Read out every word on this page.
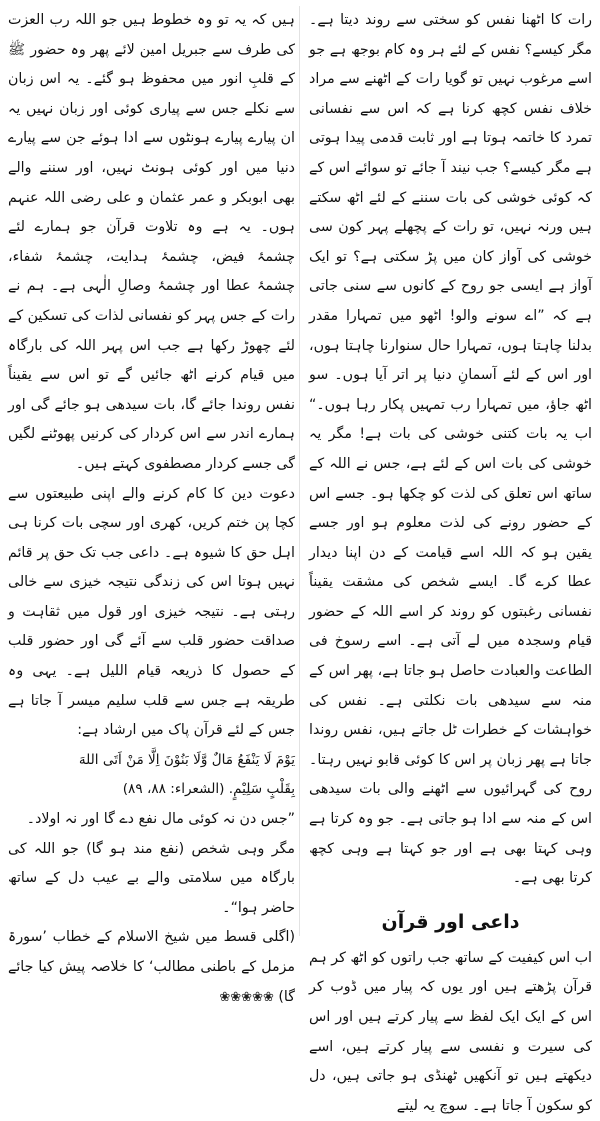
رات کا اٹھنا نفس کو سختی سے روند دیتا ہے۔ مگر کیسے؟ نفس کے لئے ہر وہ کام بوجھ ہے جو اسے مرغوب نہیں تو گویا رات کے اٹھنے سے مراد خلاف نفس کچھ کرنا ہے کہ اس سے نفسانی تمرد کا خاتمہ ہوتا ہے اور ثابت قدمی پیدا ہوتی ہے مگر کیسے؟ جب نیند آ جائے تو سوائے اس کے کہ کوئی خوشی کی بات سننے کے لئے اٹھ سکتے ہیں ورنہ نہیں، تو رات کے پچھلے پہر کون سی خوشی کی آواز کان میں پڑ سکتی ہے؟ تو ایک آواز ہے ایسی جو روح کے کانوں سے سنی جاتی ہے کہ ”اے سونے والو! اٹھو میں تمہارا مقدر بدلنا چاہتا ہوں، تمہارا حال سنوارنا چاہتا ہوں، اور اس کے لئے آسمانِ دنیا پر اتر آیا ہوں۔ سو اٹھ جاؤ، میں تمہارا رب تمہیں پکار رہا ہوں۔“ اب یہ بات کتنی خوشی کی بات ہے! مگر یہ خوشی کی بات اس کے لئے ہے، جس نے اللہ کے ساتھ اس تعلق کی لذت کو چکھا ہو۔ جسے اس کے حضور رونے کی لذت معلوم ہو اور جسے یقین ہو کہ اللہ اسے قیامت کے دن اپنا دیدار عطا کرے گا۔ ایسے شخص کی مشقت یقیناً نفسانی رغبتوں کو روند کر اسے اللہ کے حضور قیام وسجدہ میں لے آتی ہے۔ اسے رسوخ فی الطاعت والعبادت حاصل ہو جاتا ہے، پھر اس کے منہ سے سیدھی بات نکلتی ہے۔ نفس کی خواہشات کے خطرات ٹل جاتے ہیں، نفس روندا جاتا ہے پھر زبان پر اس کا کوئی قابو نہیں رہتا۔ روح کی گہرائیوں سے اٹھنے والی بات سیدھی اس کے منہ سے ادا ہو جاتی ہے۔ جو وہ کرتا ہے وہی کہتا بھی ہے اور جو کہتا ہے وہی کچھ کرتا بھی ہے۔

داعی اور قرآن

اب اس کیفیت کے ساتھ جب راتوں کو اٹھ کر ہم قرآن پڑھتے ہیں اور یوں کہ پیار میں ڈوب کر اس کے ایک ایک لفظ سے پیار کرتے ہیں اور اس کی سیرت و نفسی سے پیار کرتے ہیں، اسے دیکھتے ہیں تو آنکھیں ٹھنڈی ہو جاتی ہیں، دل کو سکون آ جاتا ہے۔ سوچ یہ لیتے

ہیں کہ یہ تو وہ خطوط ہیں جو اللہ رب العزت کی طرف سے جبریل امین لائے پھر وہ حضور ﷺ کے قلبِ انور میں محفوظ ہو گئے۔ یہ اس زبان سے نکلے جس سے پیاری کوئی اور زبان نہیں یہ ان پیارے پیارے ہونٹوں سے ادا ہوئے جن سے پیارے دنیا میں اور کوئی ہونٹ نہیں، اور سننے والے بھی ابوبکر و عمر عثمان و علی رضی اللہ عنہم ہوں۔ یہ ہے وہ تلاوت قرآن جو ہمارے لئے چشمۂ فیض، چشمۂ ہدایت، چشمۂ شفاء، چشمۂ عطا اور چشمۂ وصالِ الٰہی ہے۔ ہم نے رات کے جس پہر کو نفسانی لذات کی تسکین کے لئے چھوڑ رکھا ہے جب اس پہر اللہ کی بارگاہ میں قیام کرنے اٹھ جائیں گے تو اس سے یقیناً نفس روندا جائے گا، بات سیدھی ہو جائے گی اور ہمارے اندر سے اس کردار کی کرنیں پھوٹنے لگیں گی جسے کردار مصطفوی کہتے ہیں۔

دعوت دین کا کام کرنے والے اپنی طبیعتوں سے کچا پن ختم کریں، کھری اور سچی بات کرنا ہی اہل حق کا شیوہ ہے۔ داعی جب تک حق پر قائم نہیں ہوتا اس کی زندگی نتیجہ خیزی سے خالی رہتی ہے۔ نتیجہ خیزی اور قول میں ثقاہت و صداقت حضور قلب سے آئے گی اور حضور قلب کے حصول کا ذریعہ قیام اللیل ہے۔ یہی وہ طریقہ ہے جس سے قلب سلیم میسر آ جاتا ہے جس کے لئے قرآن پاک میں ارشاد ہے:

يَوْمَ لَا يَنْفَعُ مَالٌ وَّلَا بَنُوْنَ اِلَّا مَنْ اَتَى اللهَ

بِقَلْبٍ سَلِيْمٍ. (الشعراء: ۸۸، ۸۹)

”جس دن نہ کوئی مال نفع دے گا اور نہ اولاد۔

مگر وہی شخص (نفع مند ہو گا) جو اللہ کی بارگاہ میں سلامتی والے بے عیب دل کے ساتھ حاضر ہوا“۔

(اگلی قسط میں شیخ الاسلام کے خطاب ’سورۃ مزمل کے باطنی مطالب‘ کا خلاصہ پیش کیا جائے گا) ❀❀❀❀❀
